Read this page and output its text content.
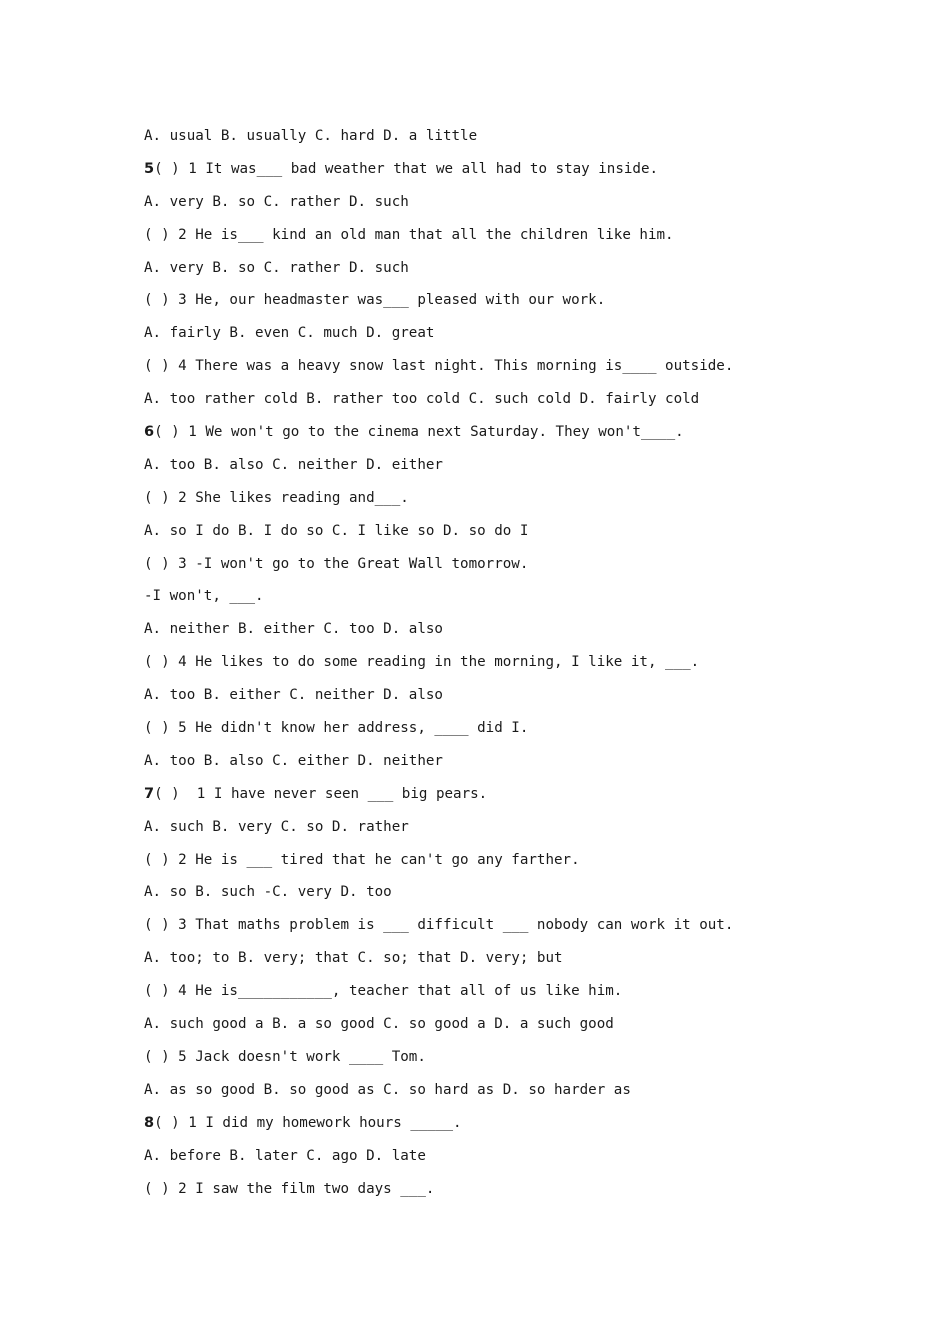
A. usual B. usually C. hard D. a little
5( ) 1 It was___ bad weather that we all had to stay inside.
A. very B. so C. rather D. such
( ) 2 He is___ kind an old man that all the children like him.
A. very B. so C. rather D. such
( ) 3 He, our headmaster was___ pleased with our work.
A. fairly B. even C. much D. great
( ) 4 There was a heavy snow last night. This morning is____ outside.
A. too rather cold B. rather too cold C. such cold D. fairly cold
6( ) 1 We won't go to the cinema next Saturday. They won't____.
A. too B. also C. neither D. either
( ) 2 She likes reading and___.
A. so I do B. I do so C. I like so D. so do I
( ) 3 -I won't go to the Great Wall tomorrow.
-I won't, ___.
A. neither B. either C. too D. also
( ) 4 He likes to do some reading in the morning, I like it, ___.
A. too B. either C. neither D. also
( ) 5 He didn't know her address, ____ did I.
A. too B. also C. either D. neither
7( )  1 I have never seen ___ big pears.
A. such B. very C. so D. rather
( ) 2 He is ___ tired that he can't go any farther.
A. so B. such -C. very D. too
( ) 3 That maths problem is ___ difficult ___ nobody can work it out.
A. too; to B. very; that C. so; that D. very; but
( ) 4 He is___________, teacher that all of us like him.
A. such good a B. a so good C. so good a D. a such good
( ) 5 Jack doesn't work ____ Tom.
A. as so good B. so good as C. so hard as D. so harder as
8( ) 1 I did my homework hours _____.
A. before B. later C. ago D. late
( ) 2 I saw the film two days ___.
